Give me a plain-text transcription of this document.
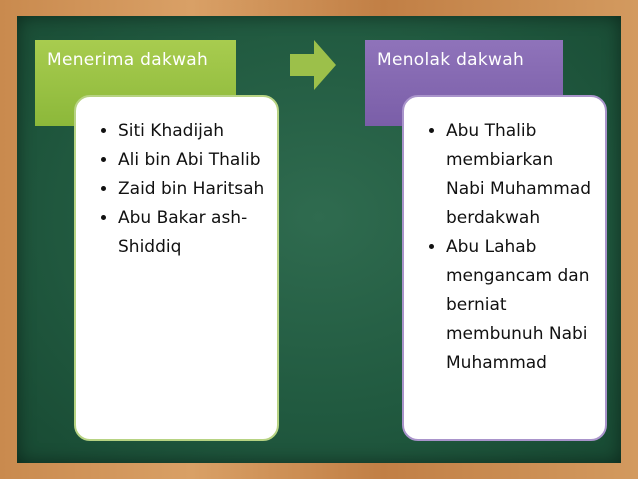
Menerima dakwah	Menolak dakwah
• Siti Khadijah
• Ali bin Abi Thalib
• Zaid bin Haritsah
• Abu Bakar ash-Shiddiq
• Abu Thalib membiarkan Nabi Muhammad berdakwah
• Abu Lahab mengancam dan berniat membunuh Nabi Muhammad
